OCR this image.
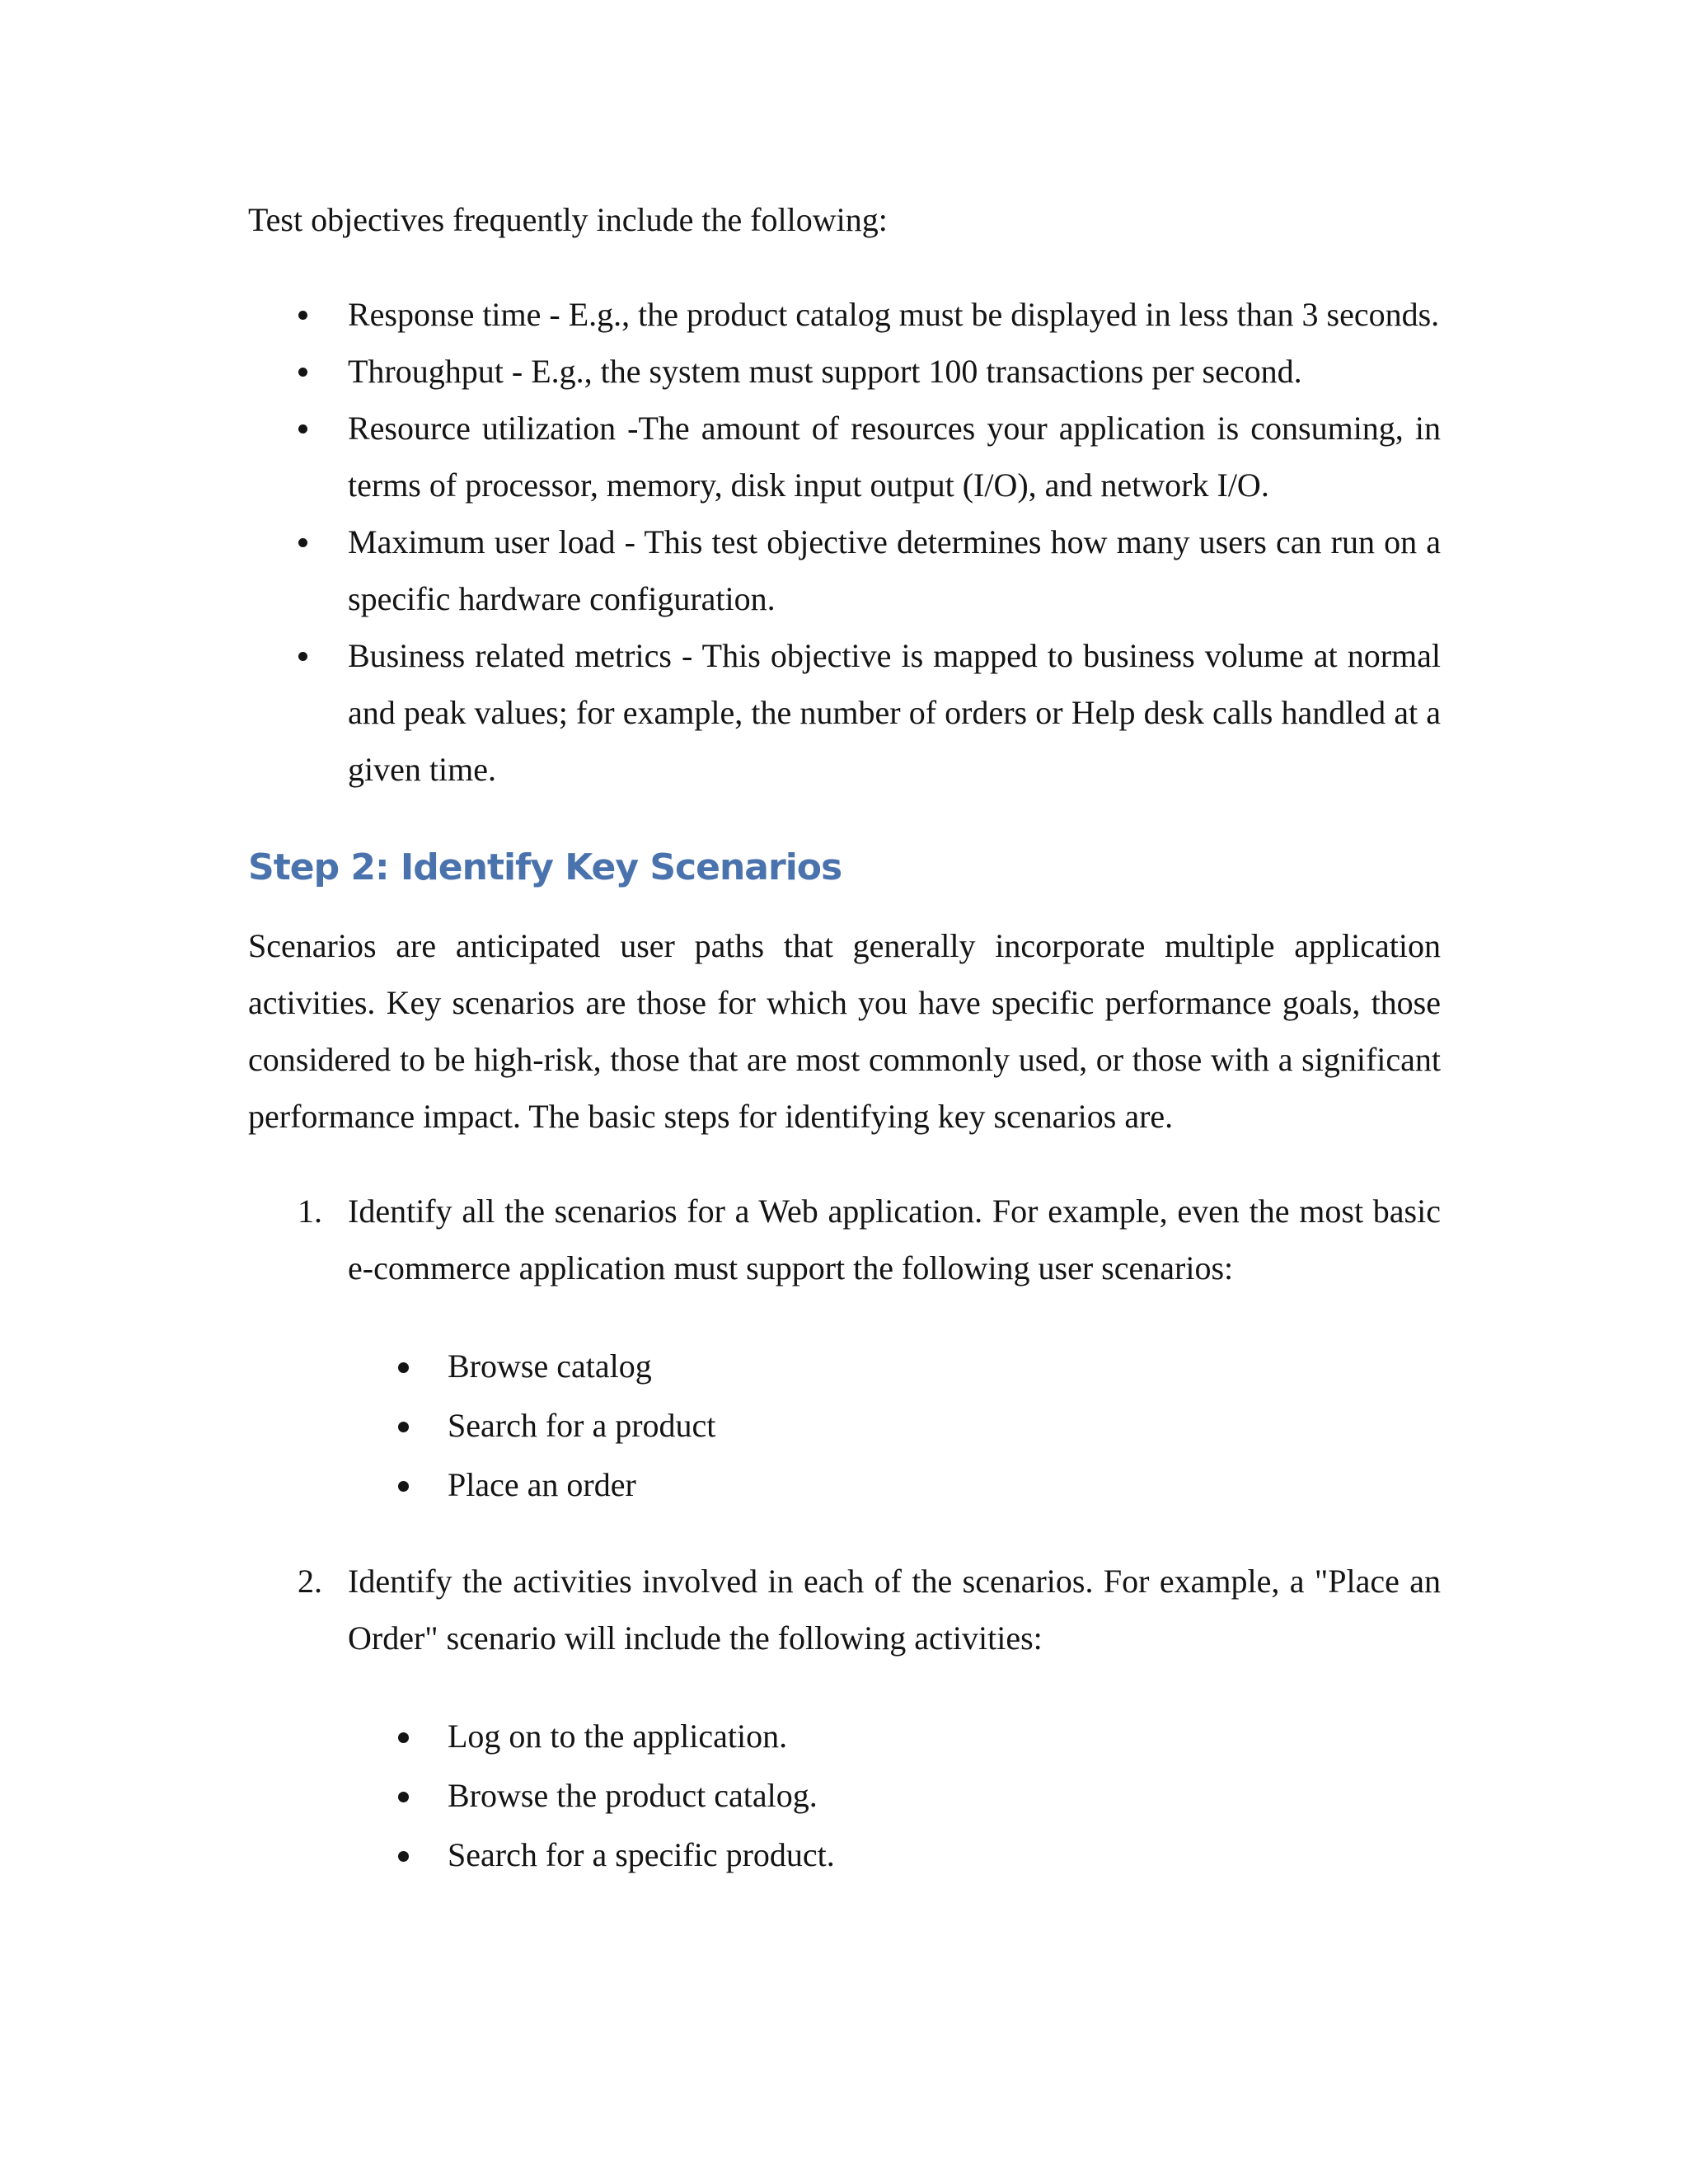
Test objectives frequently include the following:

Response time - E.g., the product catalog must be displayed in less than 3 seconds.
Throughput - E.g., the system must support 100 transactions per second.
Resource utilization -The amount of resources your application is consuming, in terms of processor, memory, disk input output (I/O), and network I/O.
Maximum user load - This test objective determines how many users can run on a specific hardware configuration.
Business related metrics - This objective is mapped to business volume at normal and peak values; for example, the number of orders or Help desk calls handled at a given time.
Step 2: Identify Key Scenarios

Scenarios are anticipated user paths that generally incorporate multiple application activities. Key scenarios are those for which you have specific performance goals, those considered to be high-risk, those that are most commonly used, or those with a significant performance impact. The basic steps for identifying key scenarios are.

1. Identify all the scenarios for a Web application. For example, even the most basic e-commerce application must support the following user scenarios:

Browse catalog
Search for a product
Place an order
2. Identify the activities involved in each of the scenarios. For example, a "Place an Order" scenario will include the following activities:

Log on to the application.
Browse the product catalog.
Search for a specific product.
